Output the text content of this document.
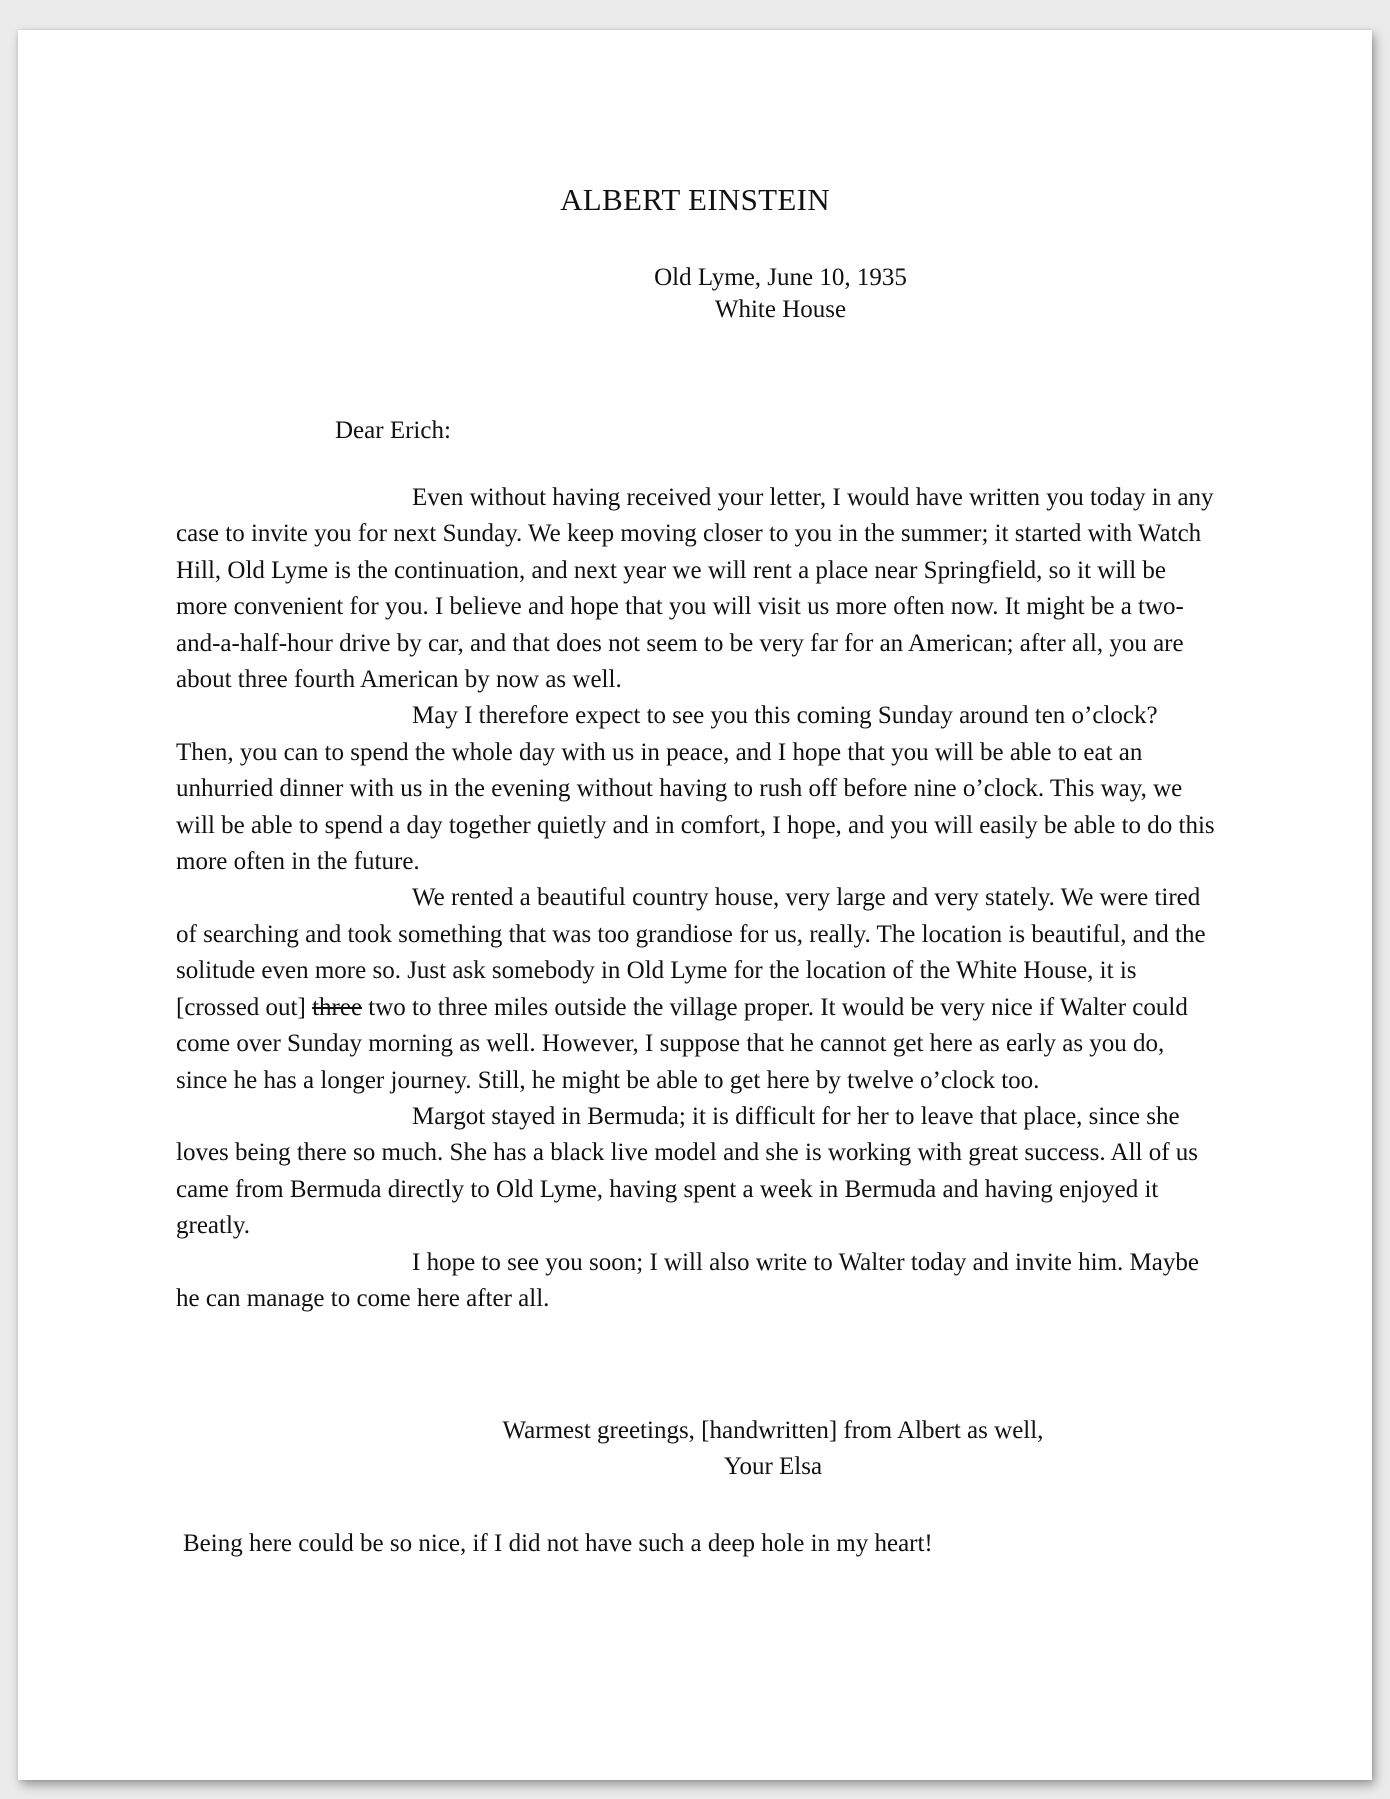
ALBERT EINSTEIN
Old Lyme, June 10, 1935
White House
Dear Erich:

Even without having received your letter, I would have written you today in any case to invite you for next Sunday. We keep moving closer to you in the summer; it started with Watch Hill, Old Lyme is the continuation, and next year we will rent a place near Springfield, so it will be more convenient for you. I believe and hope that you will visit us more often now. It might be a two-and-a-half-hour drive by car, and that does not seem to be very far for an American; after all, you are about three fourth American by now as well.

May I therefore expect to see you this coming Sunday around ten o’clock? Then, you can to spend the whole day with us in peace, and I hope that you will be able to eat an unhurried dinner with us in the evening without having to rush off before nine o’clock. This way, we will be able to spend a day together quietly and in comfort, I hope, and you will easily be able to do this more often in the future.

We rented a beautiful country house, very large and very stately. We were tired of searching and took something that was too grandiose for us, really. The location is beautiful, and the solitude even more so. Just ask somebody in Old Lyme for the location of the White House, it is [crossed out] three two to three miles outside the village proper. It would be very nice if Walter could come over Sunday morning as well. However, I suppose that he cannot get here as early as you do, since he has a longer journey. Still, he might be able to get here by twelve o’clock too.

Margot stayed in Bermuda; it is difficult for her to leave that place, since she loves being there so much. She has a black live model and she is working with great success. All of us came from Bermuda directly to Old Lyme, having spent a week in Bermuda and having enjoyed it greatly.

I hope to see you soon; I will also write to Walter today and invite him. Maybe he can manage to come here after all.

Warmest greetings, [handwritten] from Albert as well,
Your Elsa
Being here could be so nice, if I did not have such a deep hole in my heart!
